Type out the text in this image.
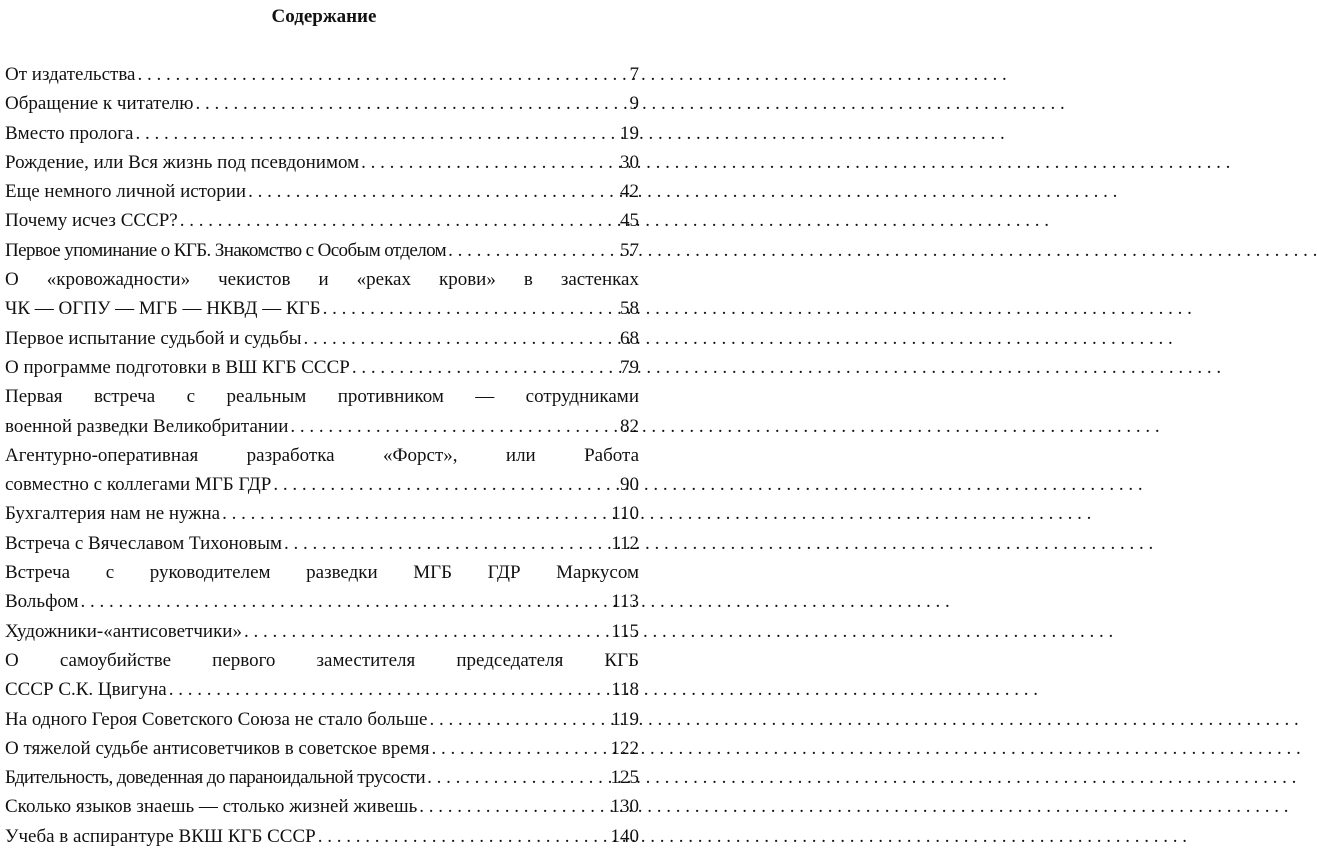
Содержание
От издательства . . .	7
Обращение к читателю . . .	9
Вместо пролога . . .	19
Рождение, или Вся жизнь под псевдонимом . . .	30
Еще немного личной истории . . .	42
Почему исчез СССР? . . .	45
Первое упоминание о КГБ. Знакомство с Особым отделом . . .	57
О «кровожадности» чекистов и «реках крови» в застенках
ЧК — ОГПУ — МГБ — НКВД — КГБ . . .	58
Первое испытание судьбой и судьбы . . .	68
О программе подготовки в ВШ КГБ СССР . . .	79
Первая встреча с реальным противником — сотрудниками
военной разведки Великобритании . . .	82
Агентурно-оперативная разработка «Форст», или Работа
совместно с коллегами МГБ ГДР . . .	90
Бухгалтерия нам не нужна . . .	110
Встреча с Вячеславом Тихоновым . . .	112
Встреча с руководителем разведки МГБ ГДР Маркусом
Вольфом . . .	113
Художники-«антисоветчики» . . .	115
О самоубийстве первого заместителя председателя КГБ
СССР С.К. Цвигуна . . .	118
На одного Героя Советского Союза не стало больше . . .	119
О тяжелой судьбе антисоветчиков в советское время . . .	122
Бдительность, доведенная до параноидальной трусости . . .	125
Сколько языков знаешь — столько жизней живешь . . .	130
Учеба в аспирантуре ВКШ КГБ СССР . . .	140
